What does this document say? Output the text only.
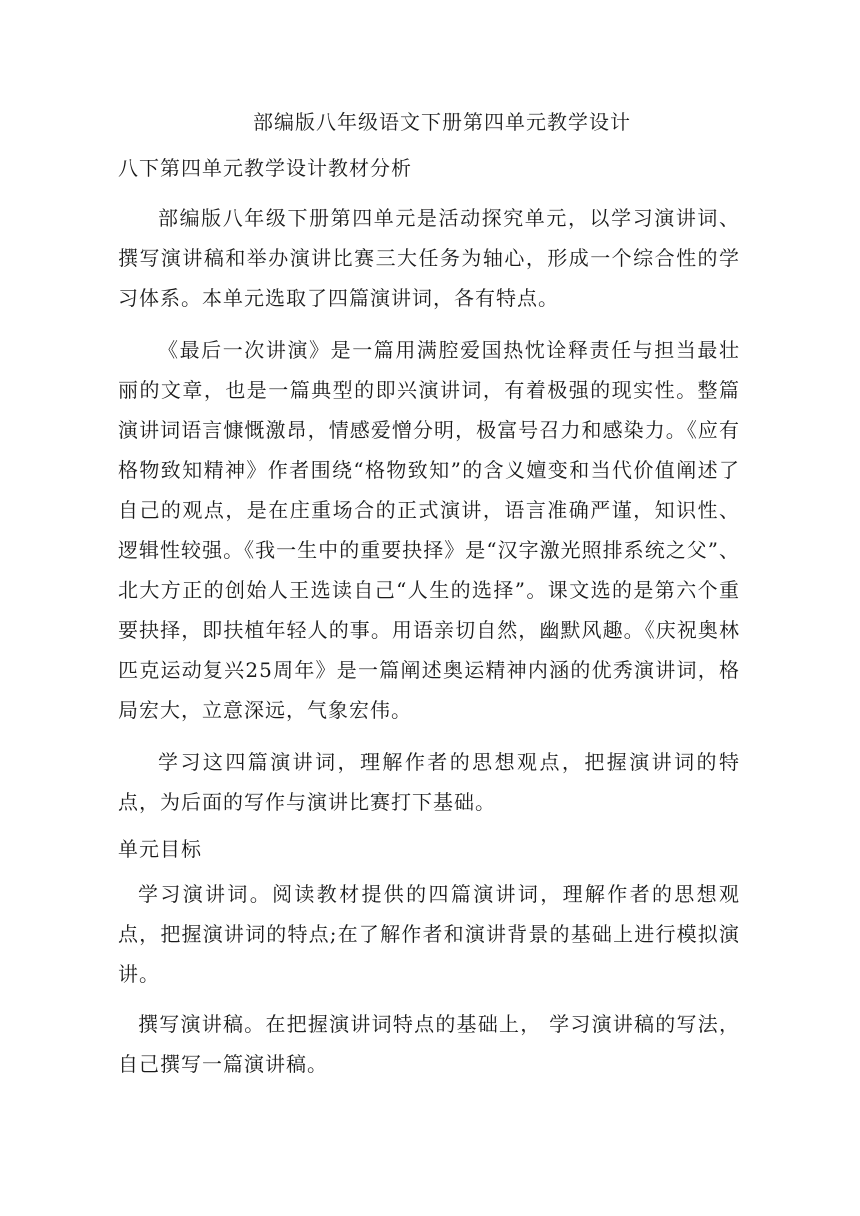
部编版八年级语文下册第四单元教学设计
八下第四单元教学设计教材分析

部编版八年级下册第四单元是活动探究单元，以学习演讲词、撰写演讲稿和举办演讲比赛三大任务为轴心，形成一个综合性的学习体系。本单元选取了四篇演讲词，各有特点。

《最后一次讲演》是一篇用满腔爱国热忱诠释责任与担当最壮丽的文章，也是一篇典型的即兴演讲词，有着极强的现实性。整篇演讲词语言慷慨激昂，情感爱憎分明，极富号召力和感染力。《应有格物致知精神》作者围绕“格物致知”的含义嬗变和当代价值阐述了自己的观点，是在庄重场合的正式演讲，语言准确严谨，知识性、逻辑性较强。《我一生中的重要抉择》是“汉字激光照排系统之父”、北大方正的创始人王选读自己“人生的选择”。课文选的是第六个重要抉择，即扶植年轻人的事。用语亲切自然，幽默风趣。《庆祝奥林匹克运动复兴25周年》是一篇阐述奥运精神内涵的优秀演讲词，格局宏大，立意深远，气象宏伟。

学习这四篇演讲词，理解作者的思想观点，把握演讲词的特点，为后面的写作与演讲比赛打下基础。

单元目标

学习演讲词。阅读教材提供的四篇演讲词，理解作者的思想观点，把握演讲词的特点;在了解作者和演讲背景的基础上进行模拟演讲。

撰写演讲稿。在把握演讲词特点的基础上， 学习演讲稿的写法，自己撰写一篇演讲稿。
